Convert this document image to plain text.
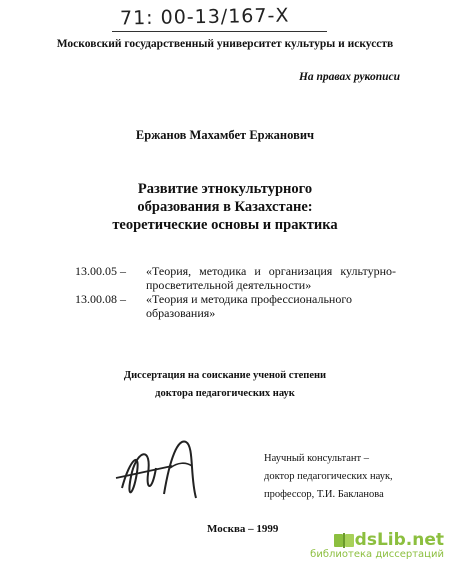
71: 00-13/167-Х
Московский государственный университет культуры и искусств
На правах рукописи
Ержанов Махамбет Ержанович
Развитие этнокультурного
образования в Казахстане:
теоретические основы и практика
13.00.05 – «Теория, методика и организация культурно-просветительной деятельности»
13.00.08 – «Теория и методика профессионального образования»
Диссертация на соискание ученой степени
доктора педагогических наук
Научный консультант –
доктор педагогических наук,
профессор, Т.И. Бакланова
Москва – 1999
dsLib.net
библиотека диссертаций
